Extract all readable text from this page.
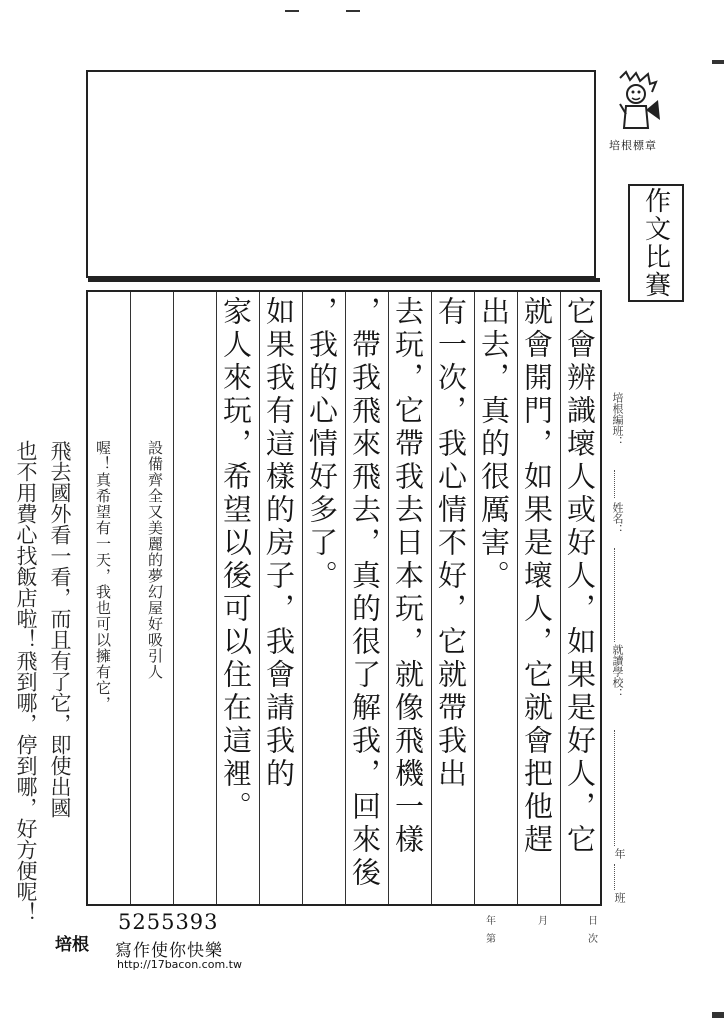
培根標章
作文比賽
培根編班：
姓名：
就讀學校：
年
班
年
第
月	日
次
它會辨識壞人或好人，如果是好人，它
就會開門，如果是壞人，它就會把他趕
出去，真的很厲害。
有一次，我心情不好，它就帶我出
去玩，它帶我去日本玩，就像飛機一樣
，帶我飛來飛去，真的很了解我，回來後
，我的心情好多了。
如果我有這樣的房子，我會請我的
家人來玩，希望以後可以住在這裡。
設備齊全又美麗的夢幻屋好吸引人
喔！真希望有一天，我也可以擁有它，
飛去國外看一看，而且有了它，即使出國
也不用費心找飯店啦！飛到哪，停到哪，好方便呢！	5255393
培根 寫作使你快樂
http://17bacon.com.tw
